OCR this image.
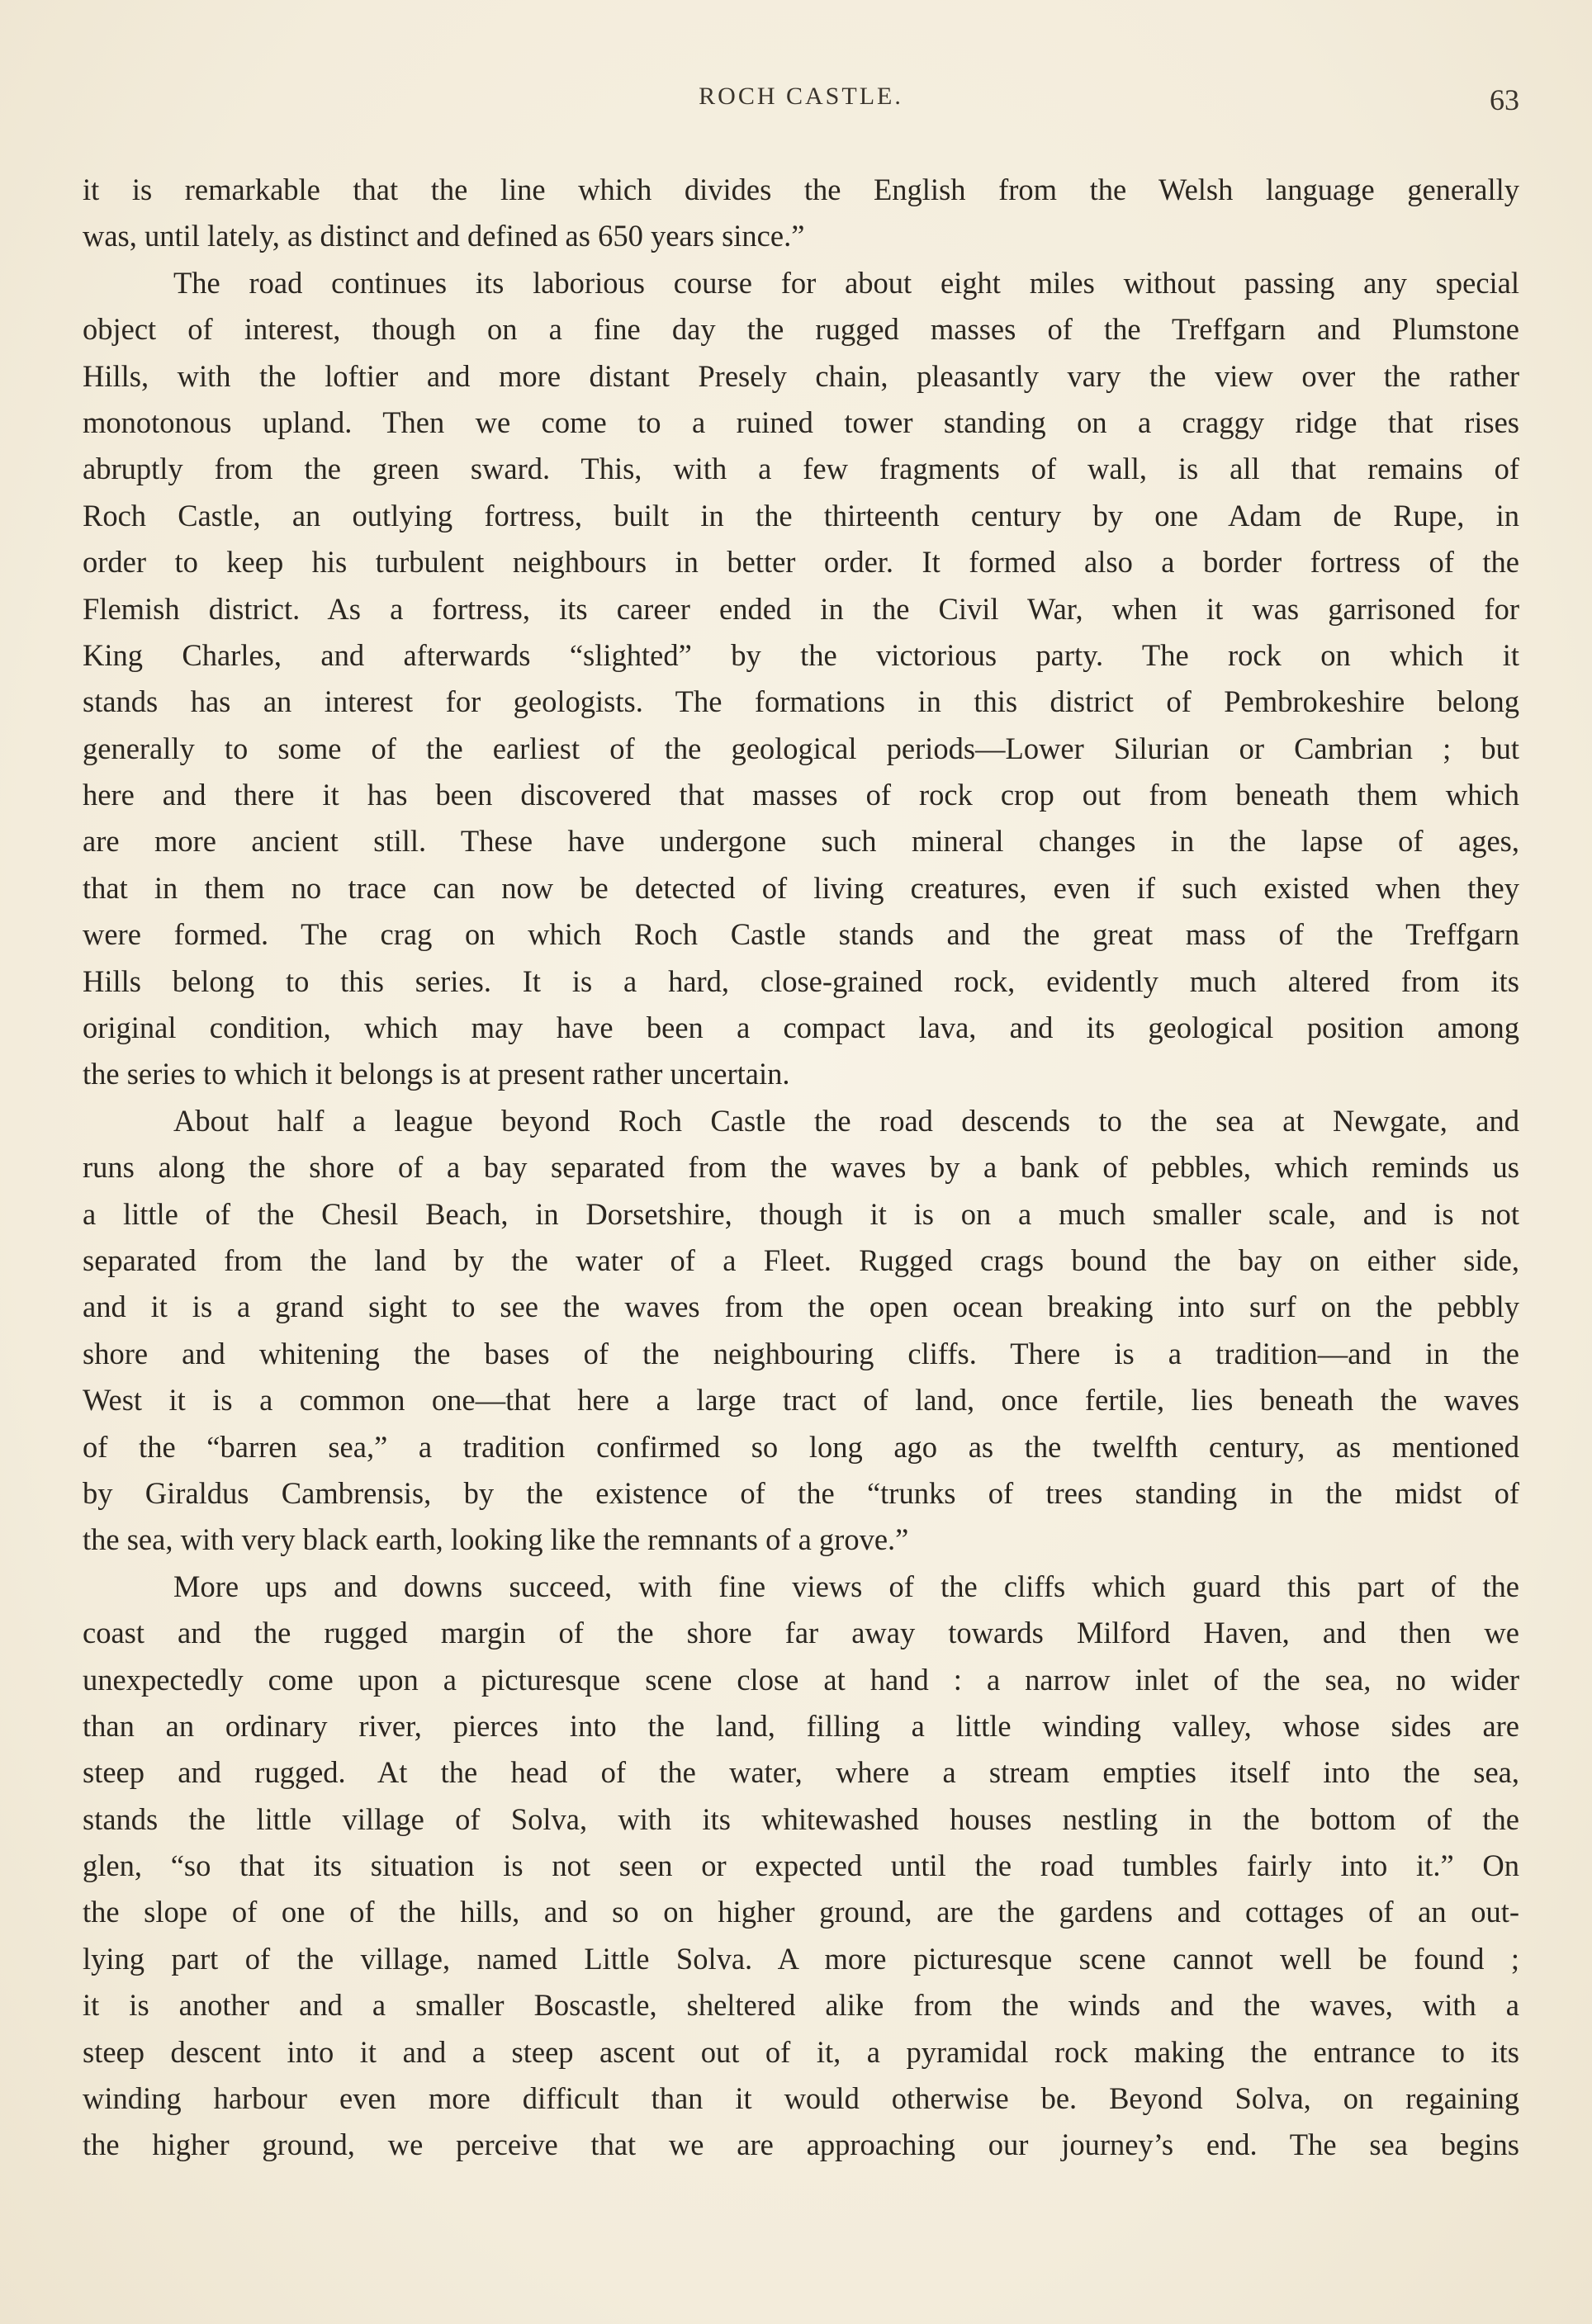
ROCH CASTLE.	63
it is remarkable that the line which divides the English from the Welsh language generally
was, until lately, as distinct and defined as 650 years since.”
The road continues its laborious course for about eight miles without passing any special
object of interest, though on a fine day the rugged masses of the Treffgarn and Plumstone
Hills, with the loftier and more distant Presely chain, pleasantly vary the view over the rather
monotonous upland. Then we come to a ruined tower standing on a craggy ridge that rises
abruptly from the green sward. This, with a few fragments of wall, is all that remains of
Roch Castle, an outlying fortress, built in the thirteenth century by one Adam de Rupe, in
order to keep his turbulent neighbours in better order. It formed also a border fortress of the
Flemish district. As a fortress, its career ended in the Civil War, when it was garrisoned for
King Charles, and afterwards “slighted” by the victorious party. The rock on which it
stands has an interest for geologists. The formations in this district of Pembrokeshire belong
generally to some of the earliest of the geological periods—Lower Silurian or Cambrian ; but
here and there it has been discovered that masses of rock crop out from beneath them which
are more ancient still. These have undergone such mineral changes in the lapse of ages,
that in them no trace can now be detected of living creatures, even if such existed when they
were formed. The crag on which Roch Castle stands and the great mass of the Treffgarn
Hills belong to this series. It is a hard, close-grained rock, evidently much altered from its
original condition, which may have been a compact lava, and its geological position among
the series to which it belongs is at present rather uncertain.
About half a league beyond Roch Castle the road descends to the sea at Newgate, and
runs along the shore of a bay separated from the waves by a bank of pebbles, which reminds us
a little of the Chesil Beach, in Dorsetshire, though it is on a much smaller scale, and is not
separated from the land by the water of a Fleet. Rugged crags bound the bay on either side,
and it is a grand sight to see the waves from the open ocean breaking into surf on the pebbly
shore and whitening the bases of the neighbouring cliffs. There is a tradition—and in the
West it is a common one—that here a large tract of land, once fertile, lies beneath the waves
of the “barren sea,” a tradition confirmed so long ago as the twelfth century, as mentioned
by Giraldus Cambrensis, by the existence of the “trunks of trees standing in the midst of
the sea, with very black earth, looking like the remnants of a grove.”
More ups and downs succeed, with fine views of the cliffs which guard this part of the
coast and the rugged margin of the shore far away towards Milford Haven, and then we
unexpectedly come upon a picturesque scene close at hand : a narrow inlet of the sea, no wider
than an ordinary river, pierces into the land, filling a little winding valley, whose sides are
steep and rugged. At the head of the water, where a stream empties itself into the sea,
stands the little village of Solva, with its whitewashed houses nestling in the bottom of the
glen, “so that its situation is not seen or expected until the road tumbles fairly into it.” On
the slope of one of the hills, and so on higher ground, are the gardens and cottages of an out-
lying part of the village, named Little Solva. A more picturesque scene cannot well be found ;
it is another and a smaller Boscastle, sheltered alike from the winds and the waves, with a
steep descent into it and a steep ascent out of it, a pyramidal rock making the entrance to its
winding harbour even more difficult than it would otherwise be. Beyond Solva, on regaining
the higher ground, we perceive that we are approaching our journey’s end. The sea begins
